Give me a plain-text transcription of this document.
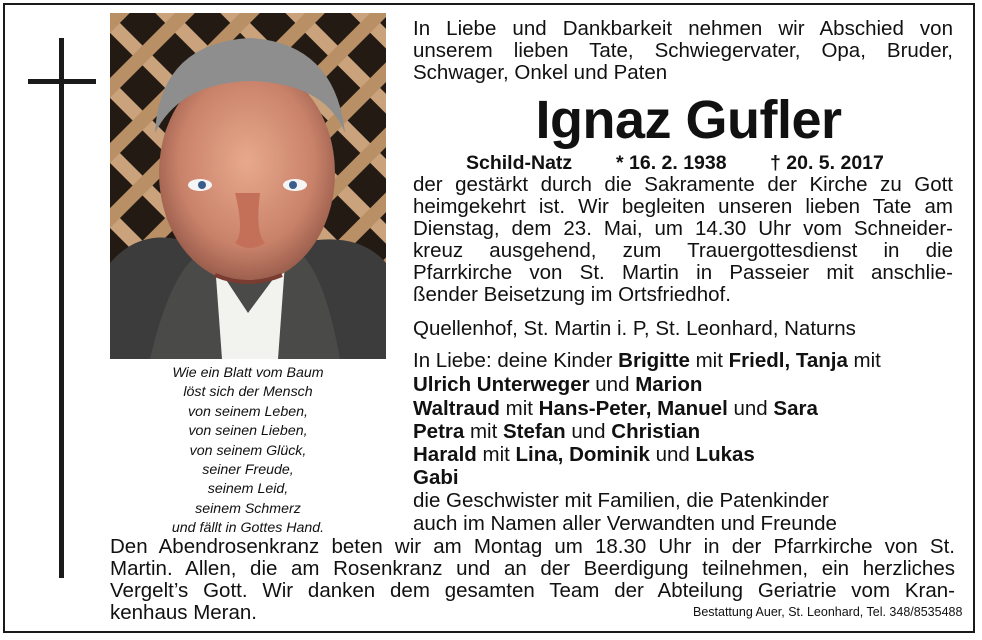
Wie ein Blatt vom Baum
löst sich der Mensch
von seinem Leben,
von seinen Lieben,
von seinem Glück,
seiner Freude,
seinem Leid,
seinem Schmerz
und fällt in Gottes Hand.
In Liebe und Dankbarkeit nehmen wir Abschied von
unserem lieben Tate, Schwiegervater, Opa, Bruder,
Schwager, Onkel und Paten
Ignaz Gufler
Schild-Natz * 16. 2. 1938 † 20. 5. 2017
der gestärkt durch die Sakramente der Kirche zu Gott
heimgekehrt ist. Wir begleiten unseren lieben Tate am
Dienstag, dem 23. Mai, um 14.30 Uhr vom Schneider-
kreuz ausgehend, zum Trauergottesdienst in die
Pfarrkirche von St. Martin in Passeier mit anschlie-
ßender Beisetzung im Ortsfriedhof.
Quellenhof, St. Martin i. P, St. Leonhard, Naturns
In Liebe: deine Kinder Brigitte mit Friedl, Tanja mit
Ulrich Unterweger und Marion
Waltraud mit Hans-Peter, Manuel und Sara
Petra mit Stefan und Christian
Harald mit Lina, Dominik und Lukas
Gabi
die Geschwister mit Familien, die Patenkinder
auch im Namen aller Verwandten und Freunde
Den Abendrosenkranz beten wir am Montag um 18.30 Uhr in der Pfarrkirche von St.
Martin. Allen, die am Rosenkranz und an der Beerdigung teilnehmen, ein herzliches
Vergelt’s Gott. Wir danken dem gesamten Team der Abteilung Geriatrie vom Kran-
kenhaus Meran.	Bestattung Auer, St. Leonhard, Tel. 348/8535488
